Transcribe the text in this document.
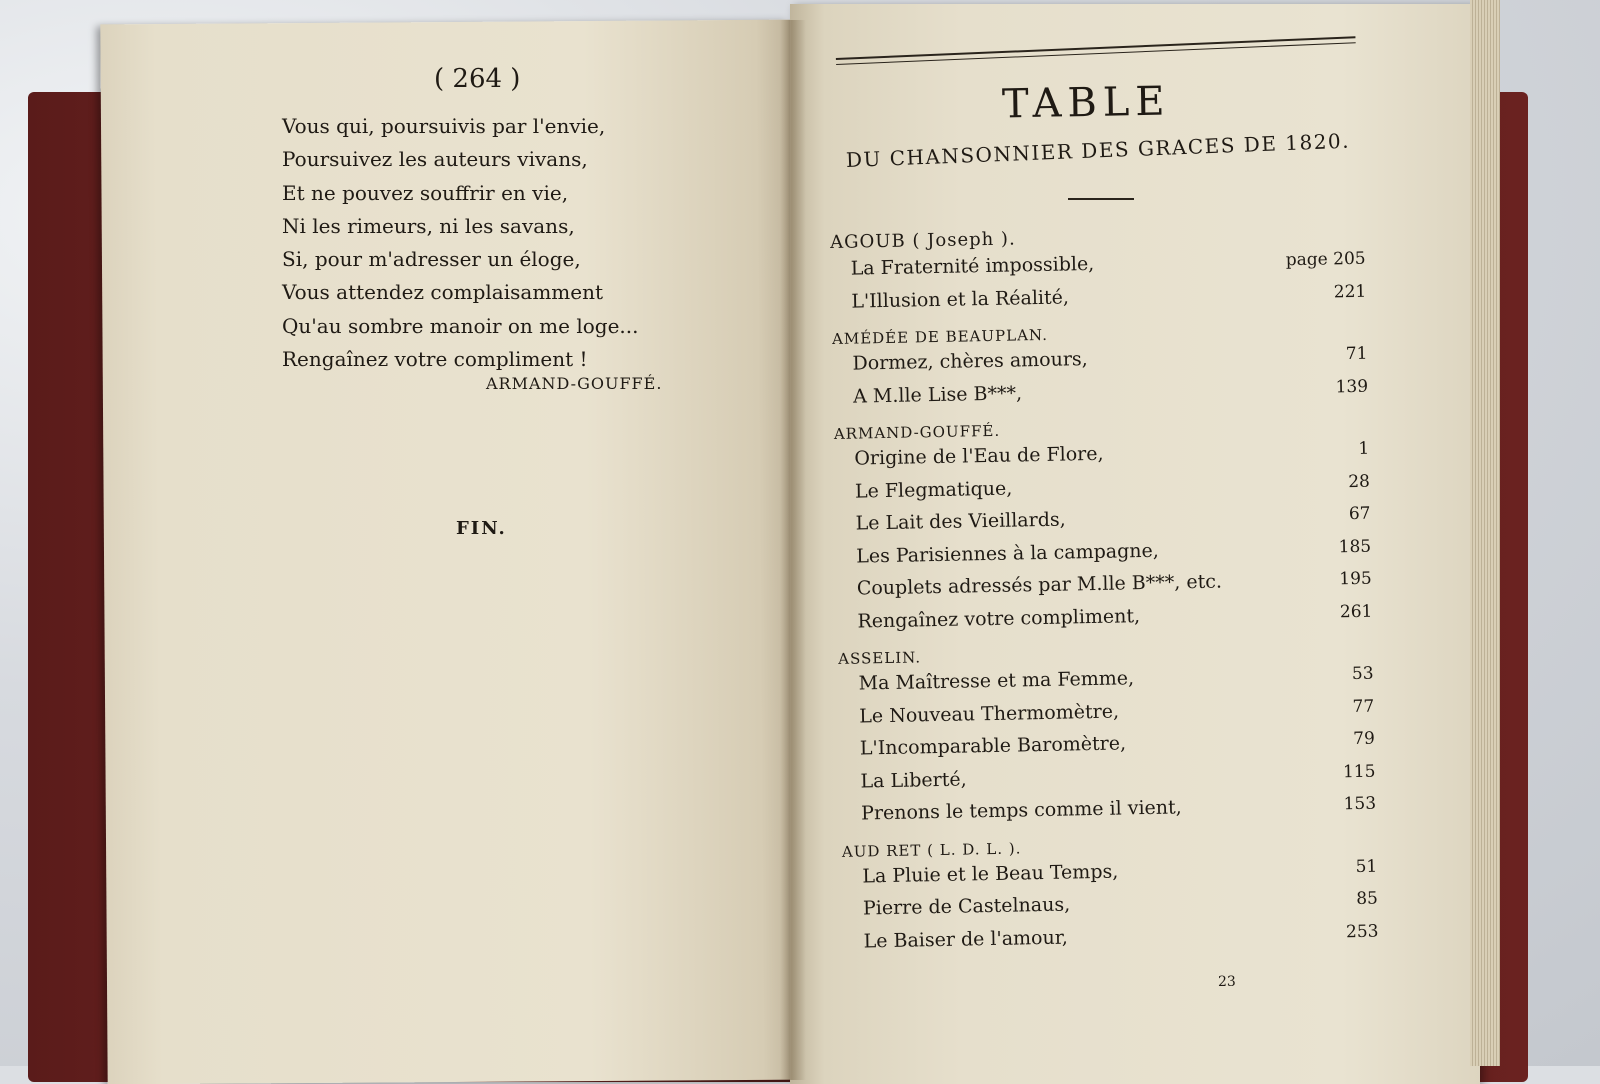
( 264 )
Vous qui, poursuivis par l'envie,
Poursuivez les auteurs vivans,
Et ne pouvez souffrir en vie,
Ni les rimeurs, ni les savans,
Si, pour m'adresser un éloge,
Vous attendez complaisamment
Qu'au sombre manoir on me loge...
Rengaînez votre compliment !
ARMAND-GOUFFÉ.
FIN.
TABLE
DU CHANSONNIER DES GRACES DE 1820.
AGOUB ( Joseph ).
La Fraternité impossible,	page 205
L'Illusion et la Réalité,	221
AMÉDÉE DE BEAUPLAN.
Dormez, chères amours,	71
A M.lle Lise B***,	139
ARMAND-GOUFFÉ.
Origine de l'Eau de Flore,	1
Le Flegmatique,	28
Le Lait des Vieillards,	67
Les Parisiennes à la campagne,	185
Couplets adressés par M.lle B***, etc.	195
Rengaînez votre compliment,	261
ASSELIN.
Ma Maîtresse et ma Femme,	53
Le Nouveau Thermomètre,	77
L'Incomparable Baromètre,	79
La Liberté,	115
Prenons le temps comme il vient,	153
AUD RET ( L. D. L. ).
La Pluie et le Beau Temps,	51
Pierre de Castelnaus,	85
Le Baiser de l'amour,	253
23
